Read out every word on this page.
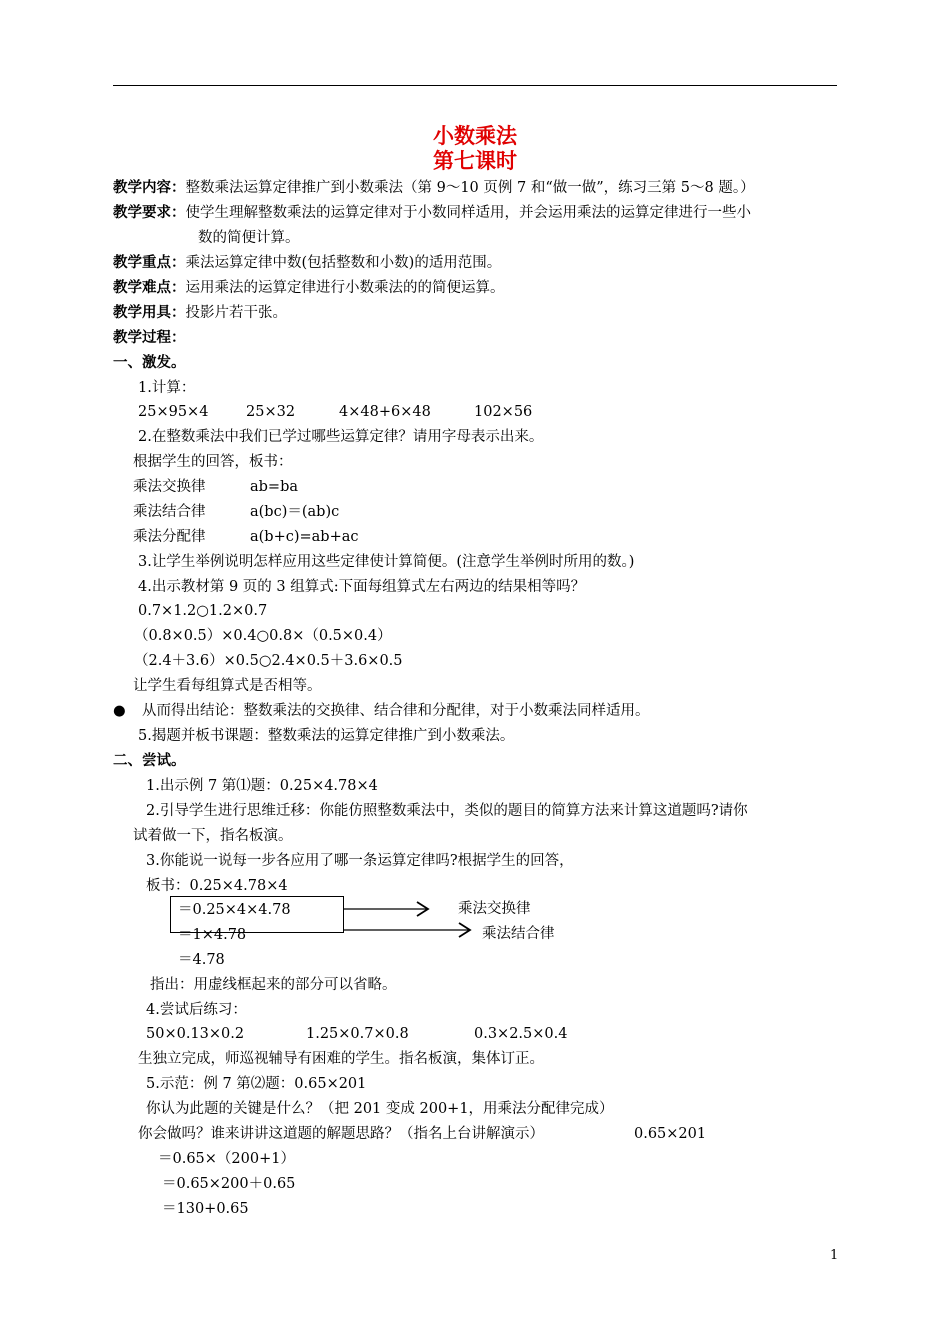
小数乘法
第七课时
教学内容：整数乘法运算定律推广到小数乘法（第 9～10 页例 7 和“做一做”，练习三第 5～8 题。）
教学要求：使学生理解整数乘法的运算定律对于小数同样适用，并会运用乘法的运算定律进行一些小
数的简便计算。
教学重点：乘法运算定律中数(包括整数和小数)的适用范围。
教学难点：运用乘法的运算定律进行小数乘法的的简便运算。
教学用具：投影片若干张。
教学过程：
一、激发。
1.计算：
25×95×4	25×32	4×48+6×48	102×56
2.在整数乘法中我们已学过哪些运算定律？请用字母表示出来。
根据学生的回答，板书：
乘法交换律	ab=ba
乘法结合律	a(bc)＝(ab)c
乘法分配律	a(b+c)=ab+ac
3.让学生举例说明怎样应用这些定律使计算简便。(注意学生举例时所用的数。)
4.出示教材第 9 页的 3 组算式:下面每组算式左右两边的结果相等吗？
0.7×1.2○1.2×0.7
（0.8×0.5）×0.4○0.8×（0.5×0.4）
（2.4＋3.6）×0.5○2.4×0.5＋3.6×0.5
让学生看每组算式是否相等。
● 从而得出结论：整数乘法的交换律、结合律和分配律，对于小数乘法同样适用。
5.揭题并板书课题：整数乘法的运算定律推广到小数乘法。
二、尝试。
1.出示例 7 第⑴题：0.25×4.78×4
2.引导学生进行思维迁移：你能仿照整数乘法中，类似的题目的简算方法来计算这道题吗?请你
试着做一下，指名板演。
3.你能说一说每一步各应用了哪一条运算定律吗?根据学生的回答，
板书：0.25×4.78×4
＝0.25×4×4.78
＝1×4.78
＝4.78
乘法交换律
乘法结合律
指出：用虚线框起来的部分可以省略。
4.尝试后练习：
50×0.13×0.2	1.25×0.7×0.8	0.3×2.5×0.4
生独立完成，师巡视辅导有困难的学生。指名板演，集体订正。
5.示范：例 7 第⑵题：0.65×201
你认为此题的关键是什么？（把 201 变成 200+1，用乘法分配律完成）
你会做吗？谁来讲讲这道题的解题思路？（指名上台讲解演示）	0.65×201
＝0.65×（200+1）
＝0.65×200＋0.65
＝130+0.65
1
